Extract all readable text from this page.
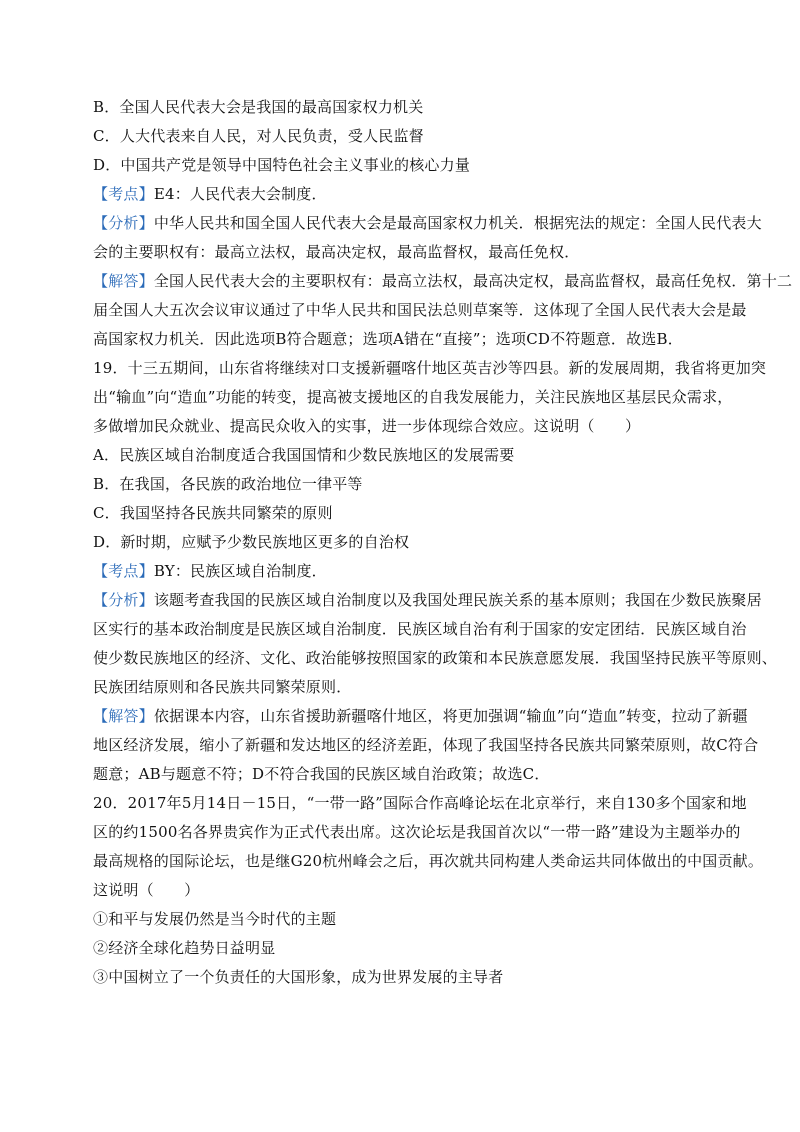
B．全国人民代表大会是我国的最高国家权力机关
C．人大代表来自人民，对人民负责，受人民监督
D．中国共产党是领导中国特色社会主义事业的核心力量
【考点】E4：人民代表大会制度．
【分析】中华人民共和国全国人民代表大会是最高国家权力机关．根据宪法的规定：全国人民代表大
会的主要职权有：最高立法权，最高决定权，最高监督权，最高任免权．
【解答】全国人民代表大会的主要职权有：最高立法权，最高决定权，最高监督权，最高任免权．第十二
届全国人大五次会议审议通过了中华人民共和国民法总则草案等．这体现了全国人民代表大会是最
高国家权力机关．因此选项B符合题意；选项A错在“直接”；选项CD不符题意．故选B．
19．十三五期间，山东省将继续对口支援新疆喀什地区英吉沙等四县。新的发展周期，我省将更加突
出“输血”向“造血”功能的转变，提高被支援地区的自我发展能力，关注民族地区基层民众需求，
多做增加民众就业、提高民众收入的实事，进一步体现综合效应。这说明（　　）
A．民族区域自治制度适合我国国情和少数民族地区的发展需要
B．在我国，各民族的政治地位一律平等
C．我国坚持各民族共同繁荣的原则
D．新时期，应赋予少数民族地区更多的自治权
【考点】BY：民族区域自治制度．
【分析】该题考查我国的民族区域自治制度以及我国处理民族关系的基本原则；我国在少数民族聚居
区实行的基本政治制度是民族区域自治制度．民族区域自治有利于国家的安定团结．民族区域自治
使少数民族地区的经济、文化、政治能够按照国家的政策和本民族意愿发展．我国坚持民族平等原则、
民族团结原则和各民族共同繁荣原则．
【解答】依据课本内容，山东省援助新疆喀什地区，将更加强调“输血”向“造血”转变，拉动了新疆
地区经济发展，缩小了新疆和发达地区的经济差距，体现了我国坚持各民族共同繁荣原则，故C符合
题意；AB与题意不符；D不符合我国的民族区域自治政策；故选C．
20．2017年5月14日－15日，“一带一路”国际合作高峰论坛在北京举行，来自130多个国家和地
区的约1500名各界贵宾作为正式代表出席。这次论坛是我国首次以“一带一路”建设为主题举办的
最高规格的国际论坛，也是继G20杭州峰会之后，再次就共同构建人类命运共同体做出的中国贡献。
这说明（　　）
①和平与发展仍然是当今时代的主题
②经济全球化趋势日益明显
③中国树立了一个负责任的大国形象，成为世界发展的主导者
